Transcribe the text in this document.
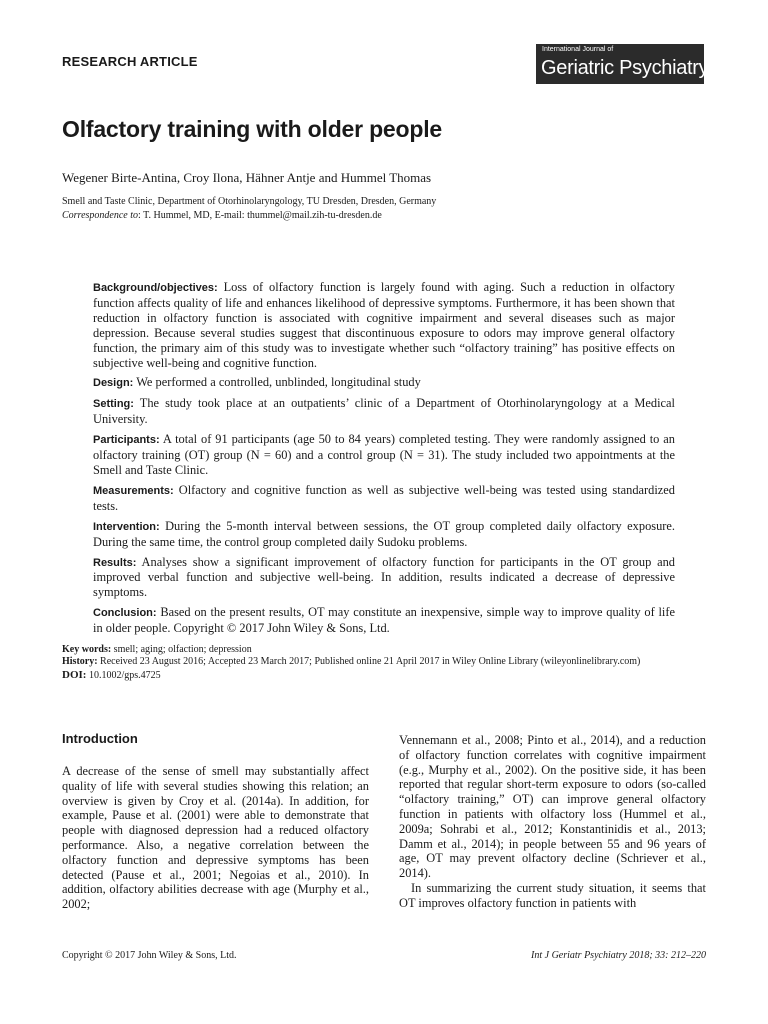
RESEARCH ARTICLE
International Journal of
Geriatric Psychiatry
Olfactory training with older people
Wegener Birte-Antina, Croy Ilona, Hähner Antje and Hummel Thomas
Smell and Taste Clinic, Department of Otorhinolaryngology, TU Dresden, Dresden, Germany
Correspondence to: T. Hummel, MD, E-mail: thummel@mail.zih-tu-dresden.de

Background/objectives: Loss of olfactory function is largely found with aging. Such a reduction in olfactory function affects quality of life and enhances likelihood of depressive symptoms. Furthermore, it has been shown that reduction in olfactory function is associated with cognitive impairment and several diseases such as major depression. Because several studies suggest that discontinuous exposure to odors may improve general olfactory function, the primary aim of this study was to investigate whether such “olfactory training” has positive effects on subjective well-being and cognitive function.

Design: We performed a controlled, unblinded, longitudinal study

Setting: The study took place at an outpatients’ clinic of a Department of Otorhinolaryngology at a Medical University.

Participants: A total of 91 participants (age 50 to 84 years) completed testing. They were randomly assigned to an olfactory training (OT) group (N = 60) and a control group (N = 31). The study included two appointments at the Smell and Taste Clinic.

Measurements: Olfactory and cognitive function as well as subjective well-being was tested using standardized tests.

Intervention: During the 5-month interval between sessions, the OT group completed daily olfactory exposure. During the same time, the control group completed daily Sudoku problems.

Results: Analyses show a significant improvement of olfactory function for participants in the OT group and improved verbal function and subjective well-being. In addition, results indicated a decrease of depressive symptoms.

Conclusion: Based on the present results, OT may constitute an inexpensive, simple way to improve quality of life in older people. Copyright © 2017 John Wiley & Sons, Ltd.

Key words: smell; aging; olfaction; depression
History: Received 23 August 2016; Accepted 23 March 2017; Published online 21 April 2017 in Wiley Online Library (wileyonlinelibrary.com)
DOI: 10.1002/gps.4725
Introduction

A decrease of the sense of smell may substantially affect quality of life with several studies showing this relation; an overview is given by Croy et al. (2014a). In addition, for example, Pause et al. (2001) were able to demonstrate that people with diagnosed depression had a reduced olfactory performance. Also, a negative correlation between the olfactory function and depressive symptoms has been detected (Pause et al., 2001; Negoias et al., 2010). In addition, olfactory abilities decrease with age (Murphy et al., 2002;

Vennemann et al., 2008; Pinto et al., 2014), and a reduction of olfactory function correlates with cognitive impairment (e.g., Murphy et al., 2002). On the positive side, it has been reported that regular short-term exposure to odors (so-called “olfactory training,” OT) can improve general olfactory function in patients with olfactory loss (Hummel et al., 2009a; Sohrabi et al., 2012; Konstantinidis et al., 2013; Damm et al., 2014); in people between 55 and 96 years of age, OT may prevent olfactory decline (Schriever et al., 2014).

In summarizing the current study situation, it seems that OT improves olfactory function in patients with

Copyright © 2017 John Wiley & Sons, Ltd.	Int J Geriatr Psychiatry 2018; 33: 212–220
